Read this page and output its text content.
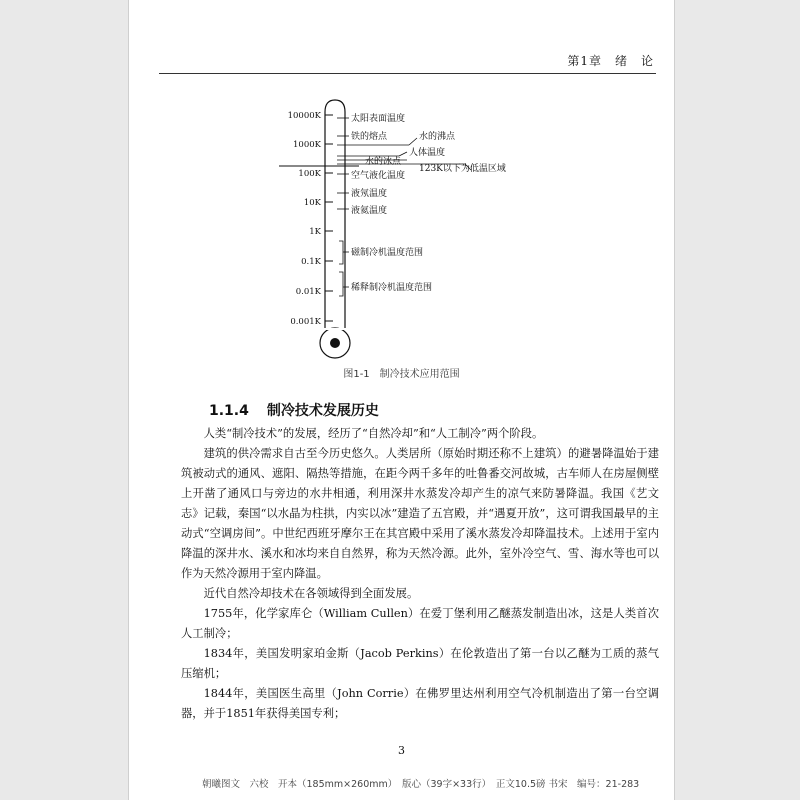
第1章　绪　论
10000K
1000K
100K
10K
1K
0.1K
0.01K
0.001K
太阳表面温度
铁的熔点	水的沸点
人体温度
水的冰点
123K以下为低温区域
空气液化温度
液氖温度
液氦温度
磁制冷机温度范围
稀释制冷机温度范围
图1-1　制冷技术应用范围
1.1.4 制冷技术发展历史

人类“制冷技术”的发展，经历了“自然冷却”和“人工制冷”两个阶段。

建筑的供冷需求自古至今历史悠久。人类居所（原始时期还称不上建筑）的避暑降温始于建筑被动式的通风、遮阳、隔热等措施，在距今两千多年的吐鲁番交河故城，古车师人在房屋侧壁上开凿了通风口与旁边的水井相通，利用深井水蒸发冷却产生的凉气来防暑降温。我国《艺文志》记载，秦国“以水晶为柱拱，内实以冰”建造了五宫殿，并“遇夏开放”，这可谓我国最早的主动式“空调房间”。中世纪西班牙摩尔王在其宫殿中采用了溪水蒸发冷却降温技术。上述用于室内降温的深井水、溪水和冰均来自自然界，称为天然冷源。此外，室外冷空气、雪、海水等也可以作为天然冷源用于室内降温。

近代自然冷却技术在各领域得到全面发展。

1755年，化学家库仑（William Cullen）在爱丁堡利用乙醚蒸发制造出冰，这是人类首次人工制冷；

1834年，美国发明家珀金斯（Jacob Perkins）在伦敦造出了第一台以乙醚为工质的蒸气压缩机；

1844年，美国医生高里（John Corrie）在佛罗里达州利用空气冷机制造出了第一台空调器，并于1851年获得美国专利；

3
朝曦图文　六校　开本（185mm×260mm）　版心（39字×33行）　正文10.5磅 书宋　编号：21-283
